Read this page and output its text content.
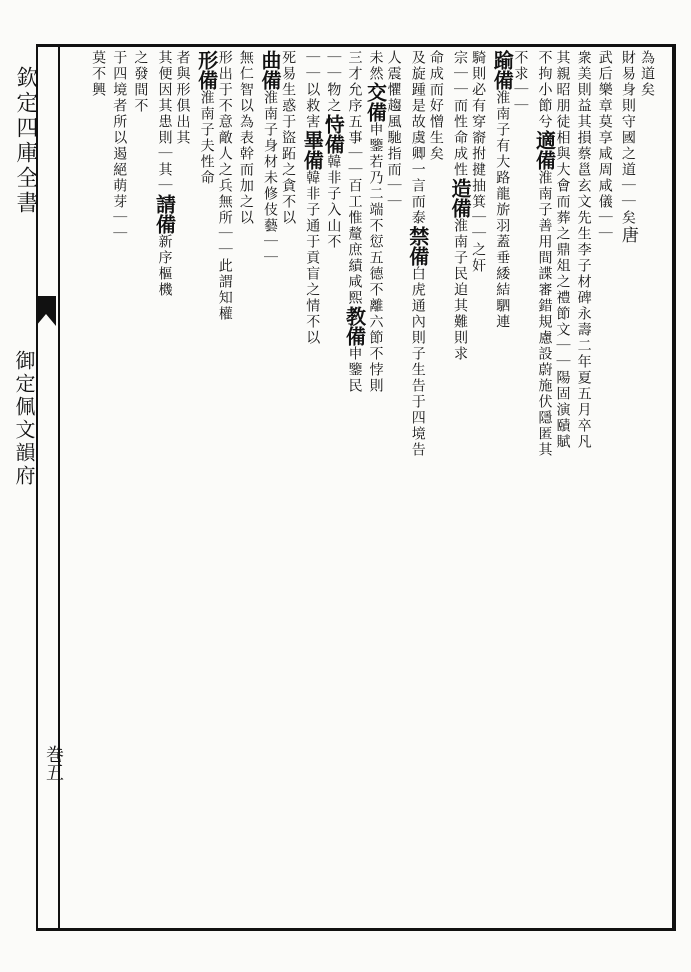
欽定四庫全書
御定佩文韻府
巻五
為道矣
財易身則守國之道｜｜矣唐
武后樂章莫享咸周咸儀｜｜
衆美則益其損蔡邕玄文先生李子材碑永壽二年夏五月卒凡
其親昭朋徒相與大會而葬之鼎俎之禮節文｜｜陽固演賾賦
不拘小節兮適備淮南子善用間諜審錯規慮設蔚施伏隱匿其
不求｜｜
踰備淮南子有大路龍旂羽蓋垂緌結駟連
騎則必有穿窬拊揵抽箕｜｜之奸
宗｜｜而性命成性造備淮南子民迫其難則求
命成而好憎生矣
及旋踵是故虞卿一言而泰禁備白虎通內則子生告于四境告
人震懼趨風馳指而｜｜
未然交備申鑒若乃二端不愆五德不離六節不悖則
三才允序五事｜｜百工惟釐庶績咸熙教備申鑒民
｜｜物之恃備韓非子入山不
｜｜以救害畢備韓非子通于貢盲之情不以
死易生惑于盜跖之貪不以
曲備淮南子身材未修伎藝｜｜
無仁智以為表幹而加之以
形出于不意敵人之兵無所｜｜此謂知權
形備淮南子夫性命
者與形俱出其
其便因其患則｜其｜請備新序樞機
之發間不
于四境者所以遏絕萌芽｜｜
莫不興
